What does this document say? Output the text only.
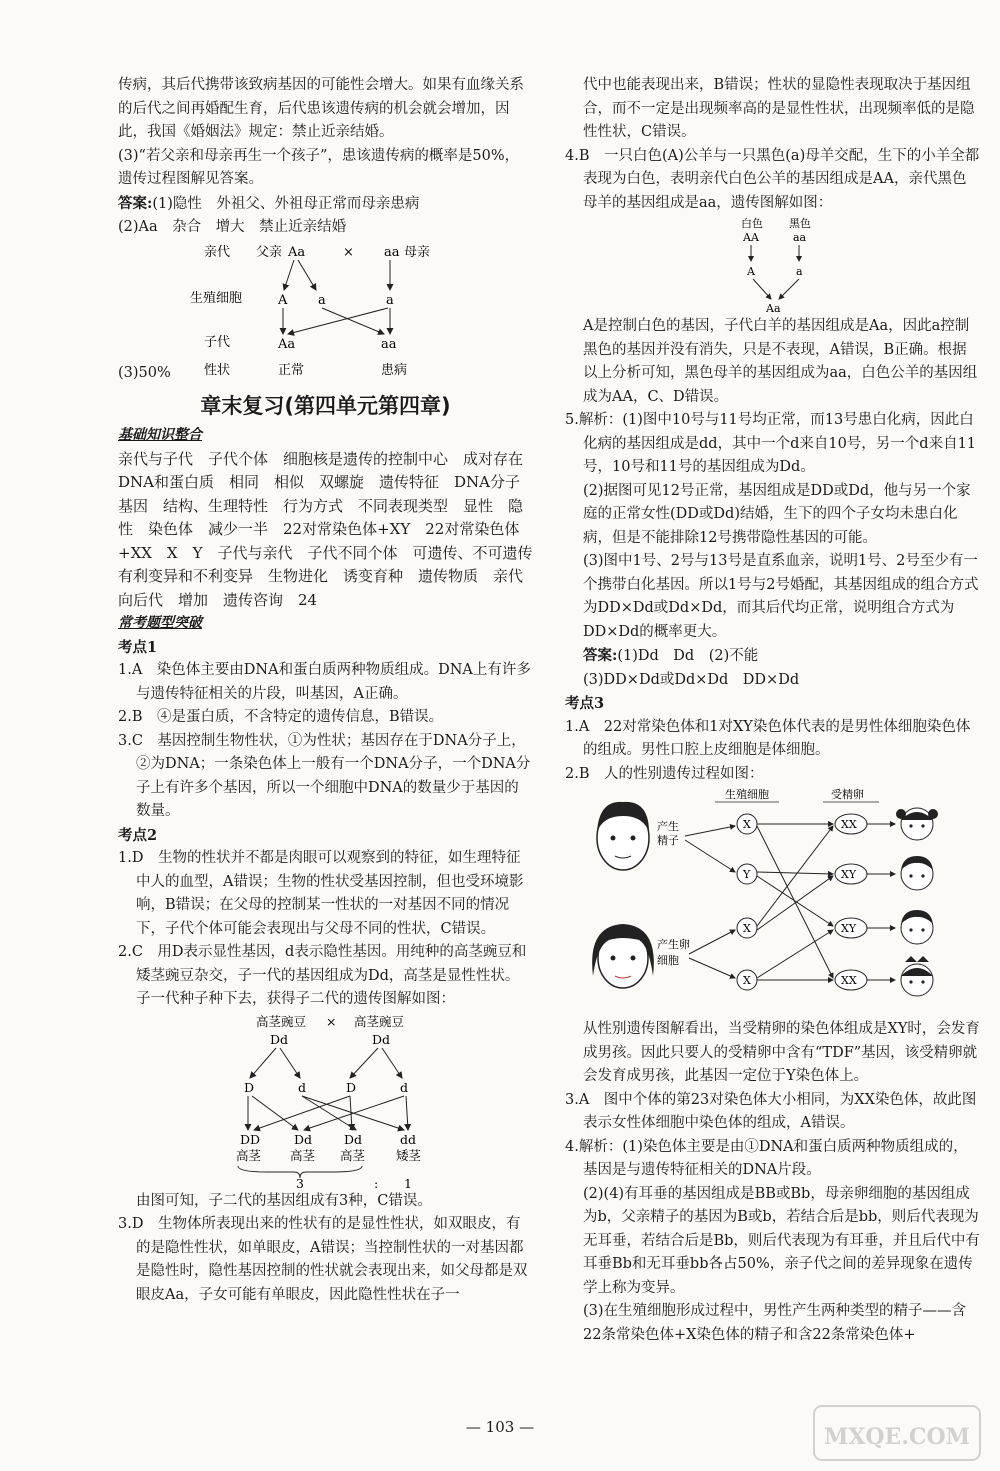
传病，其后代携带该致病基因的可能性会增大。如果有血缘关系的后代之间再婚配生育，后代患该遗传病的机会就会增加，因此，我国《婚姻法》规定：禁止近亲结婚。

(3)“若父亲和母亲再生一个孩子”，患该遗传病的概率是50%，遗传过程图解见答案。

答案:(1)隐性　外祖父、外祖母正常而母亲患病

(2)Aa　杂合　增大　禁止近亲结婚

亲代
生殖细胞
子代
性状
父亲 Aa	× aa 母亲
A a	a
Aa	aa
正常	患病
(3)50%
章末复习(第四单元第四章)

基础知识整合

亲代与子代　子代个体　细胞核是遗传的控制中心　成对存在　DNA和蛋白质　相同　相似　双螺旋　遗传特征　DNA分子　基因　结构、生理特性　行为方式　不同表现类型　显性　隐性　染色体　减少一半　22对常染色体+XY　22对常染色体+XX　X　Y　子代与亲代　子代不同个体　可遗传、不可遗传　有利变异和不利变异　生物进化　诱变育种　遗传物质　亲代向后代　增加　遗传咨询　24

常考题型突破

考点1

1.A　染色体主要由DNA和蛋白质两种物质组成。DNA上有许多与遗传特征相关的片段，叫基因，A正确。

2.B　④是蛋白质，不含特定的遗传信息，B错误。

3.C　基因控制生物性状，①为性状；基因存在于DNA分子上，②为DNA；一条染色体上一般有一个DNA分子，一个DNA分子上有许多个基因，所以一个细胞中DNA的数量少于基因的数量。

考点2

1.D　生物的性状并不都是肉眼可以观察到的特征，如生理特征中人的血型，A错误；生物的性状受基因控制，但也受环境影响，B错误；在父母的控制某一性状的一对基因不同的情况下，子代个体可能会表现出与父母不同的性状，C错误。

2.C　用D表示显性基因，d表示隐性基因。用纯种的高茎豌豆和矮茎豌豆杂交，子一代的基因组成为Dd，高茎是显性性状。子一代种子种下去，获得子二代的遗传图解如图：

高茎豌豆 × 高茎豌豆
Dd	Dd
D	d	D	d
DD	Dd	Dd	dd
高茎 高茎 高茎 矮茎
3	: 1

由图可知，子二代的基因组成有3种，C错误。

3.D　生物体所表现出来的性状有的是显性性状，如双眼皮，有的是隐性性状，如单眼皮，A错误；当控制性状的一对基因都是隐性时，隐性基因控制的性状就会表现出来，如父母都是双眼皮Aa，子女可能有单眼皮，因此隐性性状在子一

代中也能表现出来，B错误；性状的显隐性表现取决于基因组合，而不一定是出现频率高的是显性性状，出现频率低的是隐性性状，C错误。

4.B　一只白色(A)公羊与一只黑色(a)母羊交配，生下的小羊全都表现为白色，表明亲代白色公羊的基因组成是AA，亲代黑色母羊的基因组成是aa，遗传图解如图：

白色 黑色
AA	aa
A	a
Aa

A是控制白色的基因，子代白羊的基因组成是Aa，因此a控制黑色的基因并没有消失，只是不表现，A错误，B正确。根据以上分析可知，黑色母羊的基因组成为aa，白色公羊的基因组成为AA，C、D错误。

5.解析：(1)图中10号与11号均正常，而13号患白化病，因此白化病的基因组成是dd，其中一个d来自10号，另一个d来自11号，10号和11号的基因组成为Dd。

(2)据图可见12号正常，基因组成是DD或Dd，他与另一个家庭的正常女性(DD或Dd)结婚，生下的四个子女均未患白化病，但是不能排除12号携带隐性基因的可能。

(3)图中1号、2号与13号是直系血亲，说明1号、2号至少有一个携带白化基因。所以1号与2号婚配，其基因组成的组合方式为DD×Dd或Dd×Dd，而其后代均正常，说明组合方式为DD×Dd的概率更大。

答案:(1)Dd　Dd　(2)不能

(3)DD×Dd或Dd×Dd　DD×Dd

考点3

1.A　22对常染色体和1对XY染色体代表的是男性体细胞染色体的组成。男性口腔上皮细胞是体细胞。

2.B　人的性别遗传过程如图：

生殖细胞	受精卵
产生
精子
产生卵
细胞
X
Y
X
X
XX
XY
XY
XX

从性别遗传图解看出，当受精卵的染色体组成是XY时，会发育成男孩。因此只要人的受精卵中含有“TDF”基因，该受精卵就会发育成男孩，此基因一定位于Y染色体上。

3.A　图中个体的第23对染色体大小相同，为XX染色体，故此图表示女性体细胞中染色体的组成，A错误。

4.解析：(1)染色体主要是由①DNA和蛋白质两种物质组成的，基因是与遗传特征相关的DNA片段。

(2)(4)有耳垂的基因组成是BB或Bb，母亲卵细胞的基因组成为b，父亲精子的基因为B或b，若结合后是bb，则后代表现为无耳垂，若结合后是Bb，则后代表现为有耳垂，并且后代中有耳垂Bb和无耳垂bb各占50%，亲子代之间的差异现象在遗传学上称为变异。

(3)在生殖细胞形成过程中，男性产生两种类型的精子——含22条常染色体+X染色体的精子和含22条常染色体+

— 103 —	MXQE.COM
